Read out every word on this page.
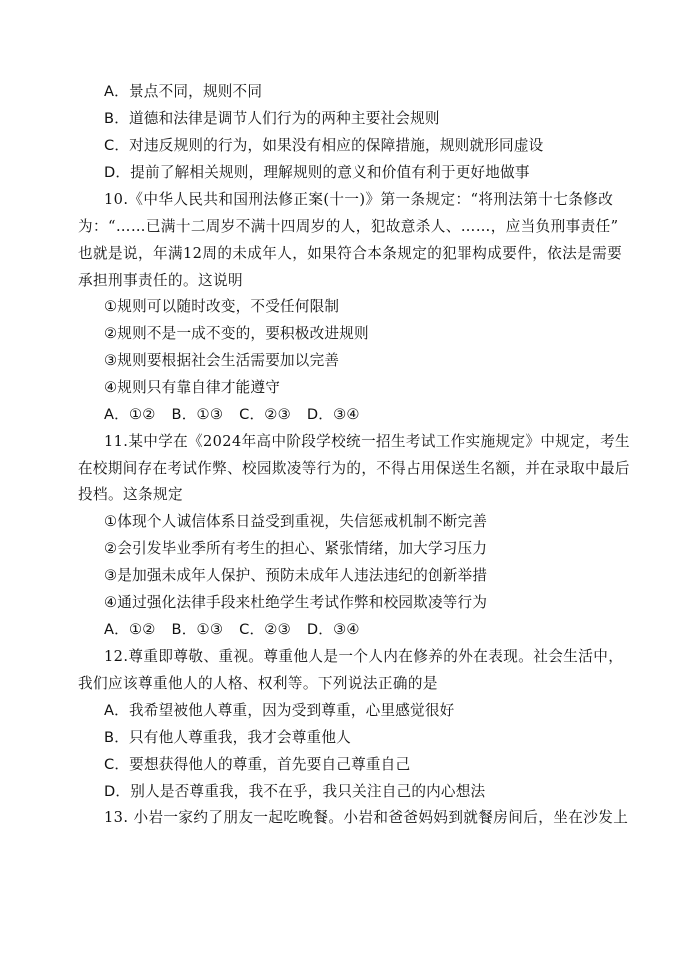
A．景点不同，规则不同
B．道德和法律是调节人们行为的两种主要社会规则
C．对违反规则的行为，如果没有相应的保障措施，规则就形同虚设
D．提前了解相关规则，理解规则的意义和价值有利于更好地做事
10.《中华人民共和国刑法修正案(十一)》第一条规定：“将刑法第十七条修改
为：“……已满十二周岁不满十四周岁的人，犯故意杀人、……，应当负刑事责任”
也就是说，年满12周的未成年人，如果符合本条规定的犯罪构成要件，依法是需要
承担刑事责任的。这说明
①规则可以随时改变，不受任何限制
②规则不是一成不变的，要积极改进规则
③规则要根据社会生活需要加以完善
④规则只有靠自律才能遵守
A．①② B．①③ C．②③ D．③④
11.某中学在《2024年高中阶段学校统一招生考试工作实施规定》中规定，考生
在校期间存在考试作弊、校园欺凌等行为的，不得占用保送生名额，并在录取中最后
投档。这条规定
①体现个人诚信体系日益受到重视，失信惩戒机制不断完善
②会引发毕业季所有考生的担心、紧张情绪，加大学习压力
③是加强未成年人保护、预防未成年人违法违纪的创新举措
④通过强化法律手段来杜绝学生考试作弊和校园欺凌等行为
A．①② B．①③ C．②③ D．③④
12.尊重即尊敬、重视。尊重他人是一个人内在修养的外在表现。社会生活中，
我们应该尊重他人的人格、权利等。下列说法正确的是
A．我希望被他人尊重，因为受到尊重，心里感觉很好
B．只有他人尊重我，我才会尊重他人
C．要想获得他人的尊重，首先要自己尊重自己
D．别人是否尊重我，我不在乎，我只关注自己的内心想法
13. 小岩一家约了朋友一起吃晚餐。小岩和爸爸妈妈到就餐房间后，坐在沙发上
